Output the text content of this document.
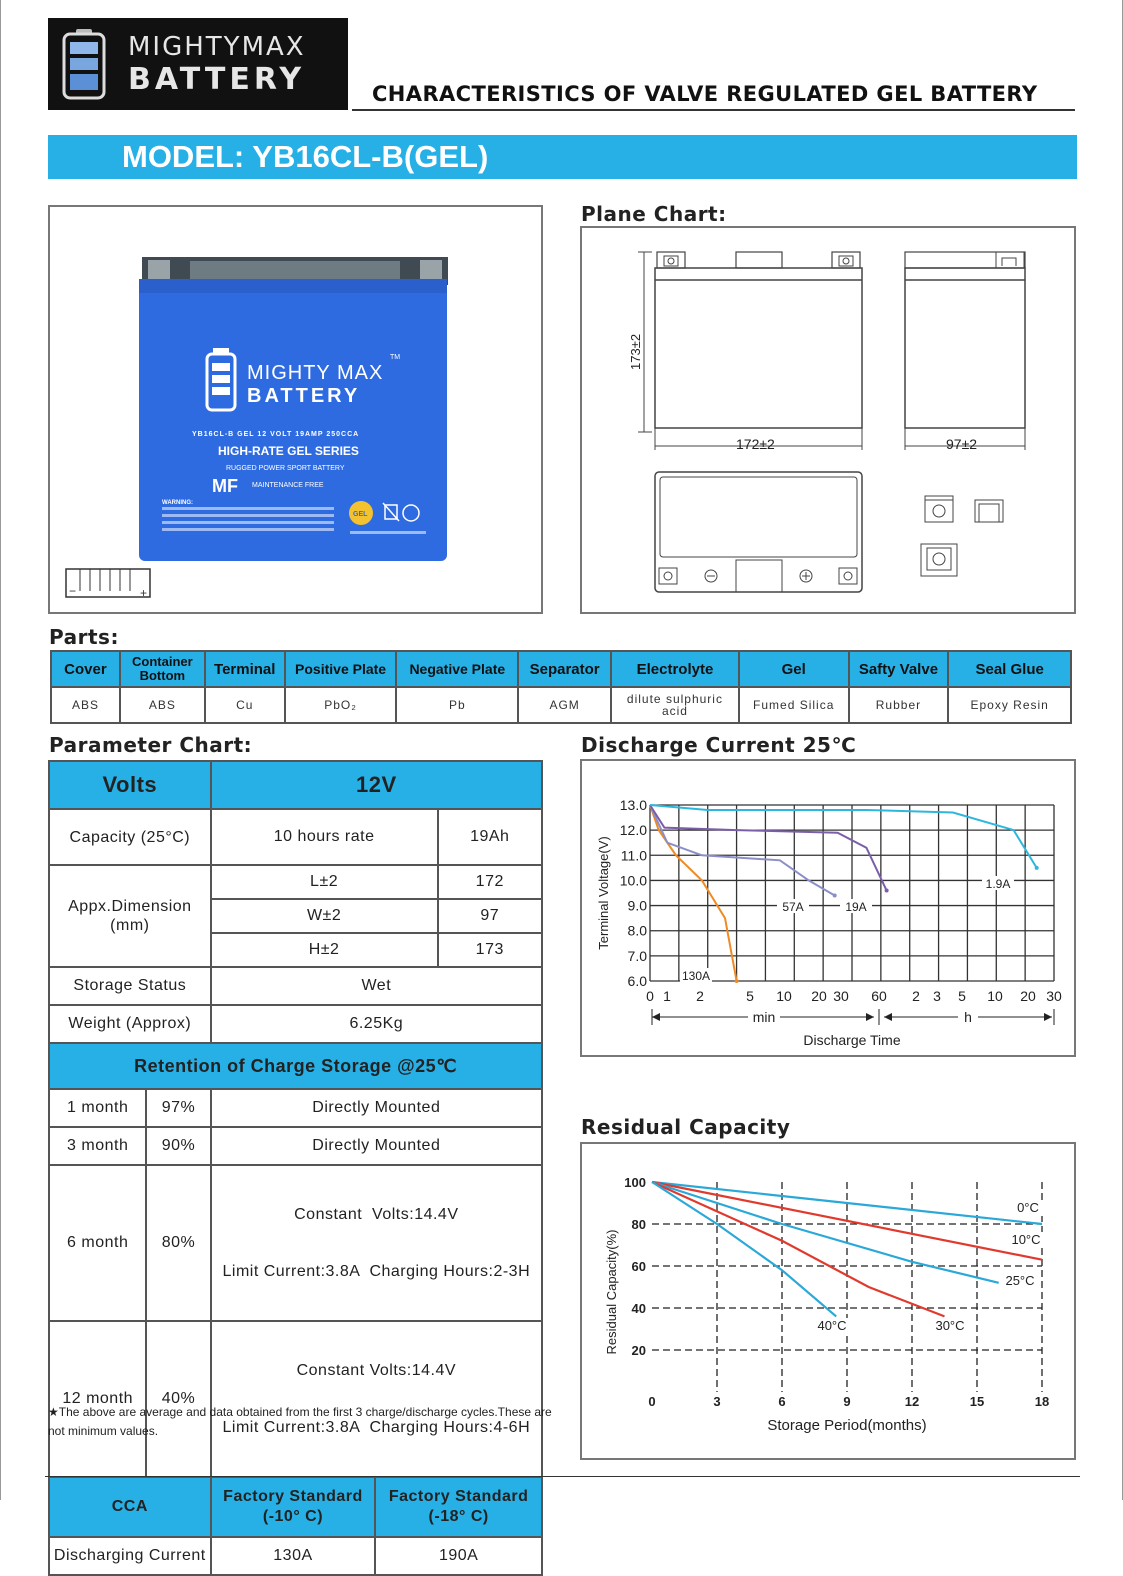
MIGHTYMAX
BATTERY	CHARACTERISTICS OF VALVE REGULATED GEL BATTERY
MODEL: YB16CL-B(GEL)
MIGHTY MAX
BATTERY
TM
YB16CL-B GEL 12 VOLT 19AMP 250CCA
HIGH-RATE GEL SERIES
RUGGED POWER SPORT BATTERY
MF MAINTENANCE FREE
WARNING:
GEL
−	+
Plane Chart:
173±2
172±2	97±2
Parts:
Cover	Container Bottom	Terminal	Positive Plate	Negative Plate	Separator	Electrolyte	Gel	Safty Valve	Seal Glue
ABS	ABS	Cu	PbO₂	Pb	AGM	dilute sulphuric acid	Fumed Silica	Rubber	Epoxy Resin
Parameter Chart:
Volts		12V		
Capacity (25°C)		10 hours rate		19Ah
Appx.Dimension (mm)		L±2		172
		W±2		97
		H±2		173
Storage Status		Wet		
Weight (Approx)		6.25Kg		
Retention of Charge Storage @25℃				
1 month	97%	Directly Mounted		
3 month	90%	Directly Mounted		
6 month	80%	Constant  Volts:14.4V

Limit Current:3.8A  Charging Hours:2-3H		

12 month	40%	Constant Volts:14.4V

Limit Current:3.8A  Charging Hours:4-6H		

CCA		Factory Standard (-10° C)	Factory Standard (-18° C)	
Discharging Current		130A	190A	
★The above are average and data obtained from the first 3 charge/discharge cycles.These are not minimum values.
Discharge Current 25℃
13.0
12.0
11.0
10.0
9.0
8.0
7.0
6.0
0 1 2	5 10 20 30 60 2 3 5 10 20 30
Terminal Voltage(V)
Discharge Time
min	h
130A
57A	19A
1.9A
Residual Capacity
0	3	6	9	12	15	18
100
80
60
40
20
Residual Capacity(%)
Storage Period(months)
0°C
10°C
25°C
40°C	30°C
